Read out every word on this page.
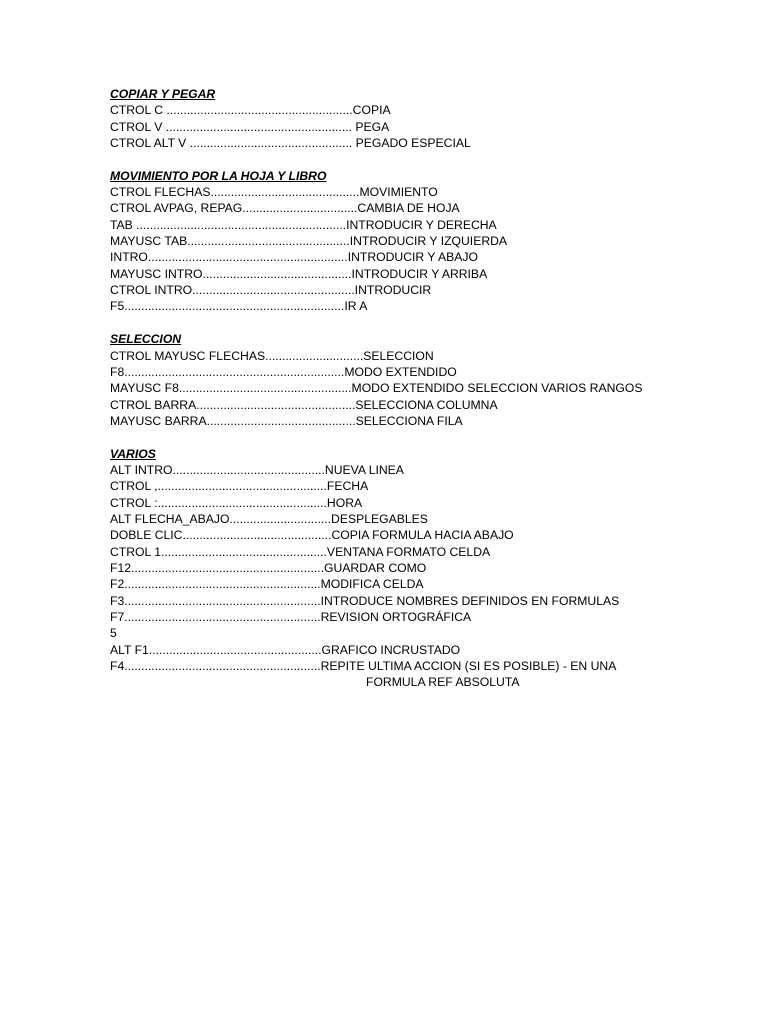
COPIAR Y PEGAR
CTROL C .......................................................COPIA
CTROL V ....................................................... PEGA
CTROL ALT V ................................................ PEGADO ESPECIAL
MOVIMIENTO POR LA HOJA Y LIBRO
CTROL FLECHAS............................................MOVIMIENTO
CTROL AVPAG, REPAG..................................CAMBIA DE HOJA
TAB ..............................................................INTRODUCIR Y DERECHA
MAYUSC TAB................................................INTRODUCIR Y IZQUIERDA
INTRO...........................................................INTRODUCIR Y ABAJO
MAYUSC INTRO............................................INTRODUCIR Y ARRIBA
CTROL INTRO................................................INTRODUCIR
F5.................................................................IR A
SELECCION
CTROL MAYUSC FLECHAS.............................SELECCION
F8.................................................................MODO EXTENDIDO
MAYUSC F8...................................................MODO EXTENDIDO SELECCION VARIOS RANGOS
CTROL BARRA...............................................SELECCIONA COLUMNA
MAYUSC BARRA............................................SELECCIONA FILA
VARIOS
ALT INTRO.............................................NUEVA LINEA
CTROL ,..................................................FECHA
CTROL :..................................................HORA
ALT FLECHA_ABAJO..............................DESPLEGABLES
DOBLE CLIC............................................COPIA FORMULA HACIA ABAJO
CTROL 1.................................................VENTANA FORMATO CELDA
F12.........................................................GUARDAR COMO
F2..........................................................MODIFICA CELDA
F3..........................................................INTRODUCE NOMBRES DEFINIDOS EN FORMULAS
F7..........................................................REVISION ORTOGRÁFICA
5
ALT F1...................................................GRAFICO INCRUSTADO
F4..........................................................REPITE ULTIMA ACCION (SI ES POSIBLE) - EN UNA
FORMULA REF ABSOLUTA
